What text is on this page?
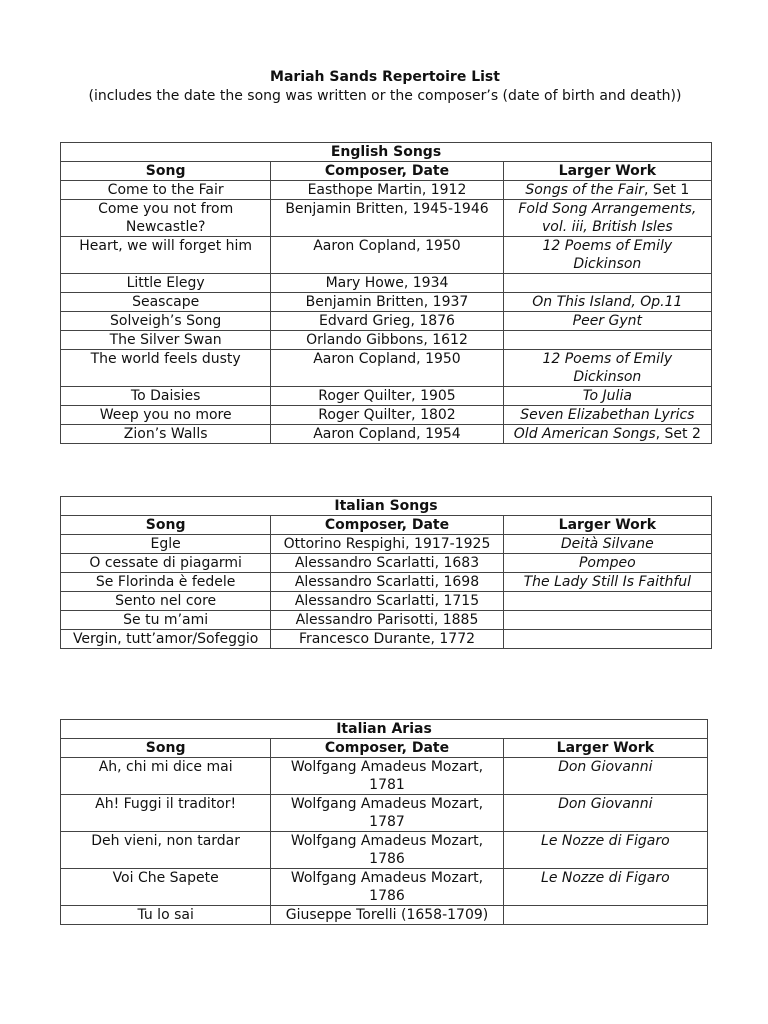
Mariah Sands Repertoire List
(includes the date the song was written or the composer’s (date of birth and death))
English Songs		
Song	Composer, Date	Larger Work
Come to the Fair	Easthope Martin, 1912	Songs of the Fair, Set 1
Come you not from Newcastle?	Benjamin Britten, 1945-1946	Fold Song Arrangements, vol. iii, British Isles
Heart, we will forget him	Aaron Copland, 1950	12 Poems of Emily Dickinson
Little Elegy	Mary Howe, 1934	
Seascape	Benjamin Britten, 1937	On This Island, Op.11
Solveigh’s Song	Edvard Grieg, 1876	Peer Gynt
The Silver Swan	Orlando Gibbons, 1612	
The world feels dusty	Aaron Copland, 1950	12 Poems of Emily Dickinson
To Daisies	Roger Quilter, 1905	To Julia
Weep you no more	Roger Quilter, 1802	Seven Elizabethan Lyrics
Zion’s Walls	Aaron Copland, 1954	Old American Songs, Set 2
Italian Songs		
Song	Composer, Date	Larger Work
Egle	Ottorino Respighi, 1917-1925	Deità Silvane
O cessate di piagarmi	Alessandro Scarlatti, 1683	Pompeo
Se Florinda è fedele	Alessandro Scarlatti, 1698	The Lady Still Is Faithful
Sento nel core	Alessandro Scarlatti, 1715	
Se tu m’ami	Alessandro Parisotti, 1885	
Vergin, tutt’amor/Sofeggio	Francesco Durante, 1772	
Italian Arias		
Song	Composer, Date	Larger Work
Ah, chi mi dice mai	Wolfgang Amadeus Mozart, 1781	Don Giovanni
Ah! Fuggi il traditor!	Wolfgang Amadeus Mozart, 1787	Don Giovanni
Deh vieni, non tardar	Wolfgang Amadeus Mozart, 1786	Le Nozze di Figaro
Voi Che Sapete	Wolfgang Amadeus Mozart, 1786	Le Nozze di Figaro
Tu lo sai	Giuseppe Torelli (1658-1709)	
